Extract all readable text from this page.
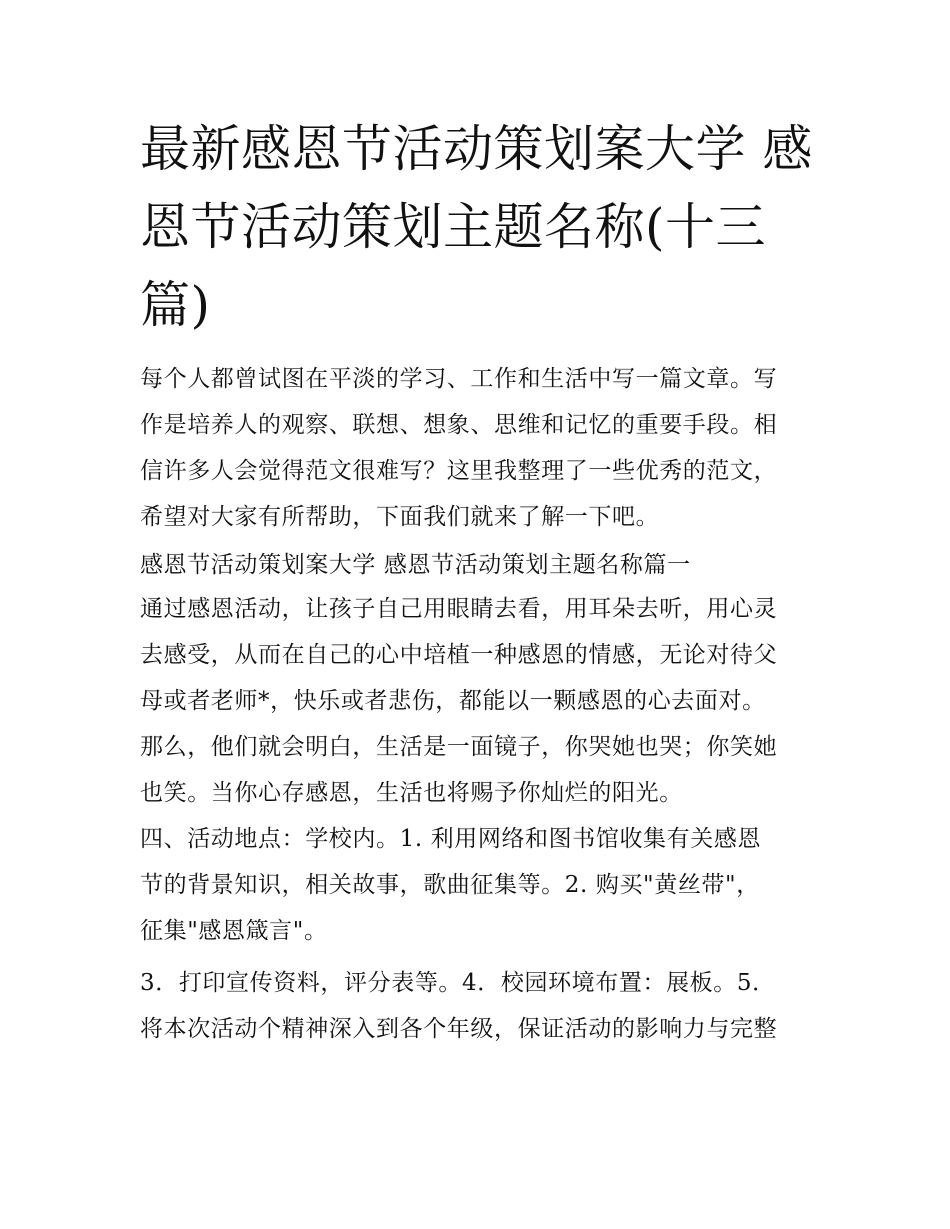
最新感恩节活动策划案大学 感
恩节活动策划主题名称(十三
篇)

每个人都曾试图在平淡的学习、工作和生活中写一篇文章。写
作是培养人的观察、联想、想象、思维和记忆的重要手段。相
信许多人会觉得范文很难写？这里我整理了一些优秀的范文，
希望对大家有所帮助，下面我们就来了解一下吧。

感恩节活动策划案大学 感恩节活动策划主题名称篇一

通过感恩活动，让孩子自己用眼睛去看，用耳朵去听，用心灵
去感受，从而在自己的心中培植一种感恩的情感，无论对待父
母或者老师*，快乐或者悲伤，都能以一颗感恩的心去面对。
那么，他们就会明白，生活是一面镜子，你哭她也哭；你笑她
也笑。当你心存感恩，生活也将赐予你灿烂的阳光。

四、活动地点：学校内。1. 利用网络和图书馆收集有关感恩
节的背景知识，相关故事，歌曲征集等。2. 购买"黄丝带"，
征集"感恩箴言"。

3．打印宣传资料，评分表等。4．校园环境布置：展板。5．
将本次活动个精神深入到各个年级，保证活动的影响力与完整
